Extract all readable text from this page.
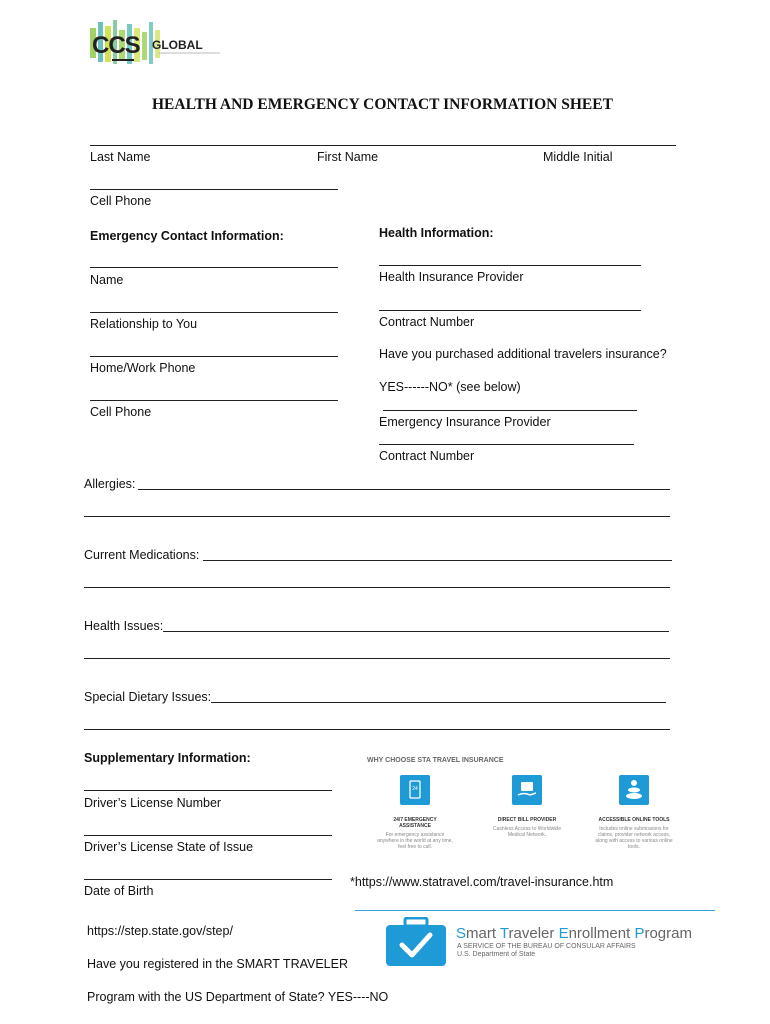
CCS GLOBAL
HEALTH AND EMERGENCY CONTACT INFORMATION SHEET
Last Name	First Name	Middle Initial
Cell Phone
Emergency Contact Information:
Name
Relationship to You
Home/Work Phone
Cell Phone
Health Information:
Health Insurance Provider
Contract Number
Have you purchased additional travelers insurance?
YES------NO* (see below)
Emergency Insurance Provider
Contract Number
Allergies:
Current Medications:
Health Issues:
Special Dietary Issues:
Supplementary Information:
Driver’s License Number
Driver’s License State of Issue
Date of Birth
https://step.state.gov/step/
Have you registered in the SMART TRAVELER
Program with the US Department of State? YES----NO
WHY CHOOSE STA TRAVEL INSURANCE
24
24/7 EMERGENCY ASSISTANCE
For emergency assistance anywhere in the world at any time, feel free to call.
DIRECT BILL PROVIDER
Cashless Access to Worldwide Medical Network.
ACCESSIBLE ONLINE TOOLS
Includes online submissions for claims, provider network access, along with access to various online tools.
*https://www.statravel.com/travel-insurance.htm
Smart Traveler Enrollment Program
A SERVICE OF THE BUREAU OF CONSULAR AFFAIRS
U.S. Department of State
